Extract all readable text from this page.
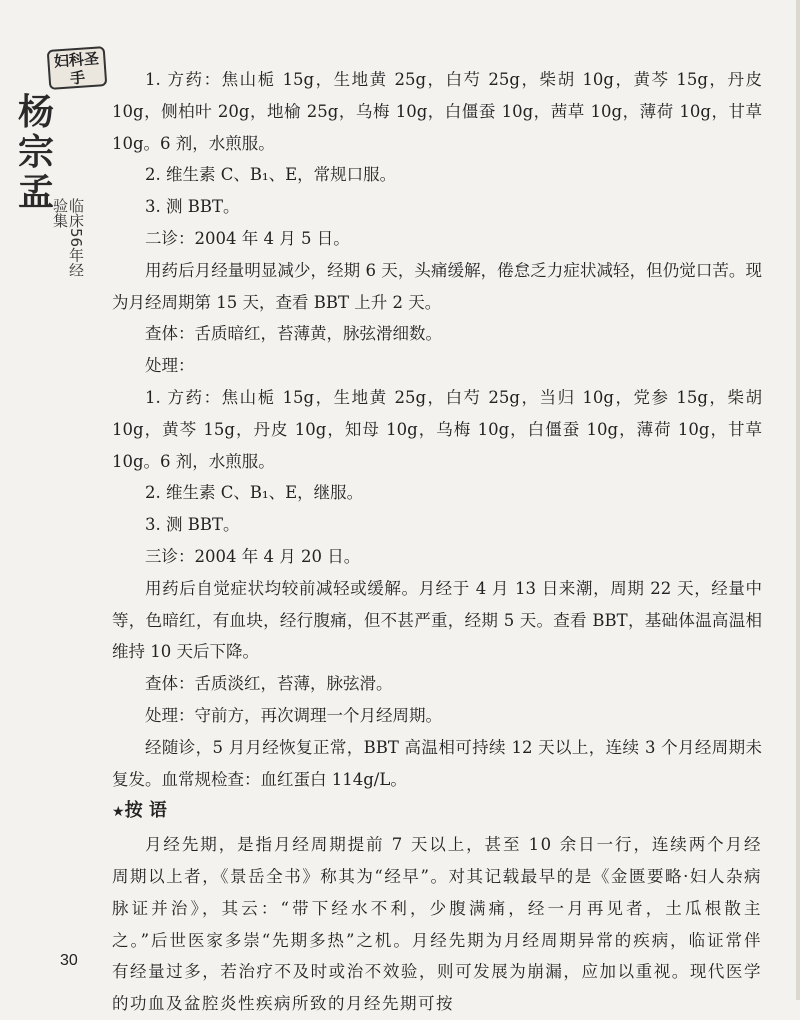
妇科圣手
杨宗孟
临床56年经验集

1. 方药：焦山栀 15g，生地黄 25g，白芍 25g，柴胡 10g，黄芩 15g，丹皮 10g，侧柏叶 20g，地榆 25g，乌梅 10g，白僵蚕 10g，茜草 10g，薄荷 10g，甘草 10g。6 剂，水煎服。

2. 维生素 C、B₁、E，常规口服。

3. 测 BBT。

二诊：2004 年 4 月 5 日。

用药后月经量明显减少，经期 6 天，头痛缓解，倦怠乏力症状减轻，但仍觉口苦。现为月经周期第 15 天，查看 BBT 上升 2 天。

查体：舌质暗红，苔薄黄，脉弦滑细数。

处理：

1. 方药：焦山栀 15g，生地黄 25g，白芍 25g，当归 10g，党参 15g，柴胡 10g，黄芩 15g，丹皮 10g，知母 10g，乌梅 10g，白僵蚕 10g，薄荷 10g，甘草 10g。6 剂，水煎服。

2. 维生素 C、B₁、E，继服。

3. 测 BBT。

三诊：2004 年 4 月 20 日。

用药后自觉症状均较前减轻或缓解。月经于 4 月 13 日来潮，周期 22 天，经量中等，色暗红，有血块，经行腹痛，但不甚严重，经期 5 天。查看 BBT，基础体温高温相维持 10 天后下降。

查体：舌质淡红，苔薄，脉弦滑。

处理：守前方，再次调理一个月经周期。

经随诊，5 月月经恢复正常，BBT 高温相可持续 12 天以上，连续 3 个月经周期未复发。血常规检查：血红蛋白 114g/L。

★按 语

月经先期，是指月经周期提前 7 天以上，甚至 10 余日一行，连续两个月经周期以上者，《景岳全书》称其为“经早”。对其记载最早的是《金匮要略·妇人杂病脉证并治》，其云：“带下经水不利，少腹满痛，经一月再见者，土瓜根散主之。”后世医家多崇“先期多热”之机。月经先期为月经周期异常的疾病，临证常伴有经量过多，若治疗不及时或治不效验，则可发展为崩漏，应加以重视。现代医学的功血及盆腔炎性疾病所致的月经先期可按

30
